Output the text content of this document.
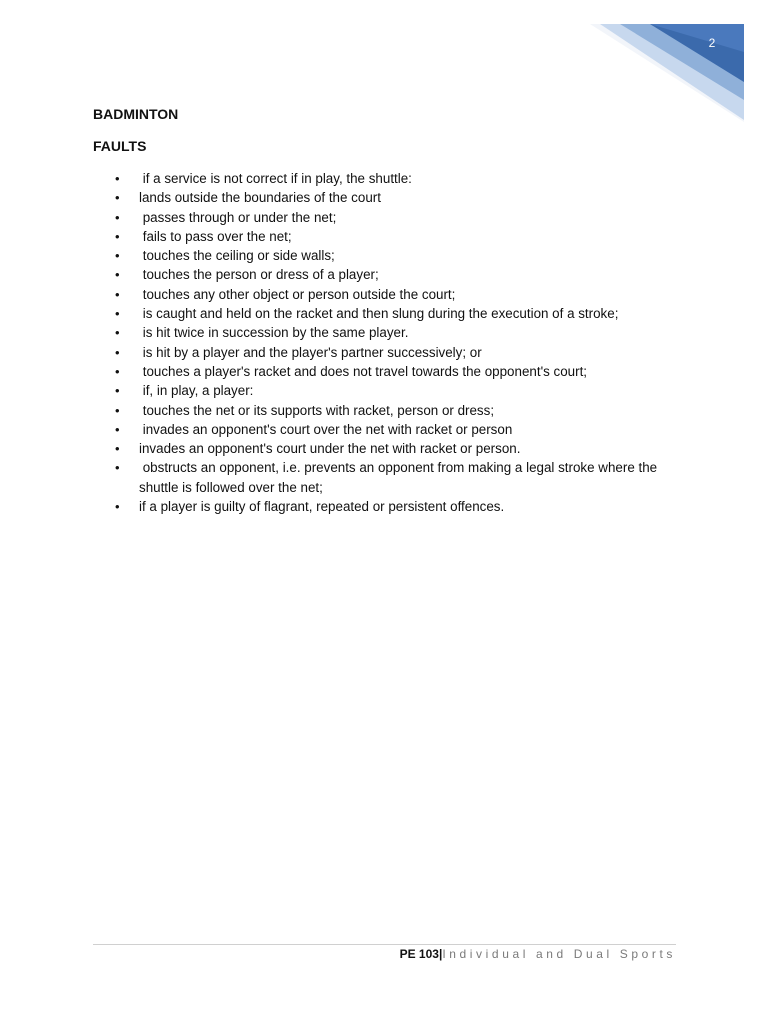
2
BADMINTON
FAULTS
• if a service is not correct if in play, the shuttle:
• lands outside the boundaries of the court
• passes through or under the net;
• fails to pass over the net;
• touches the ceiling or side walls;
• touches the person or dress of a player;
• touches any other object or person outside the court;
• is caught and held on the racket and then slung during the execution of a stroke;
• is hit twice in succession by the same player.
• is hit by a player and the player's partner successively; or
• touches a player's racket and does not travel towards the opponent's court;
• if, in play, a player:
• touches the net or its supports with racket, person or dress;
• invades an opponent's court over the net with racket or person
• invades an opponent's court under the net with racket or person.
• obstructs an opponent, i.e. prevents an opponent from making a legal stroke where the shuttle is followed over the net;
• if a player is guilty of flagrant, repeated or persistent offences.
PE 103|Individual and Dual Sports
